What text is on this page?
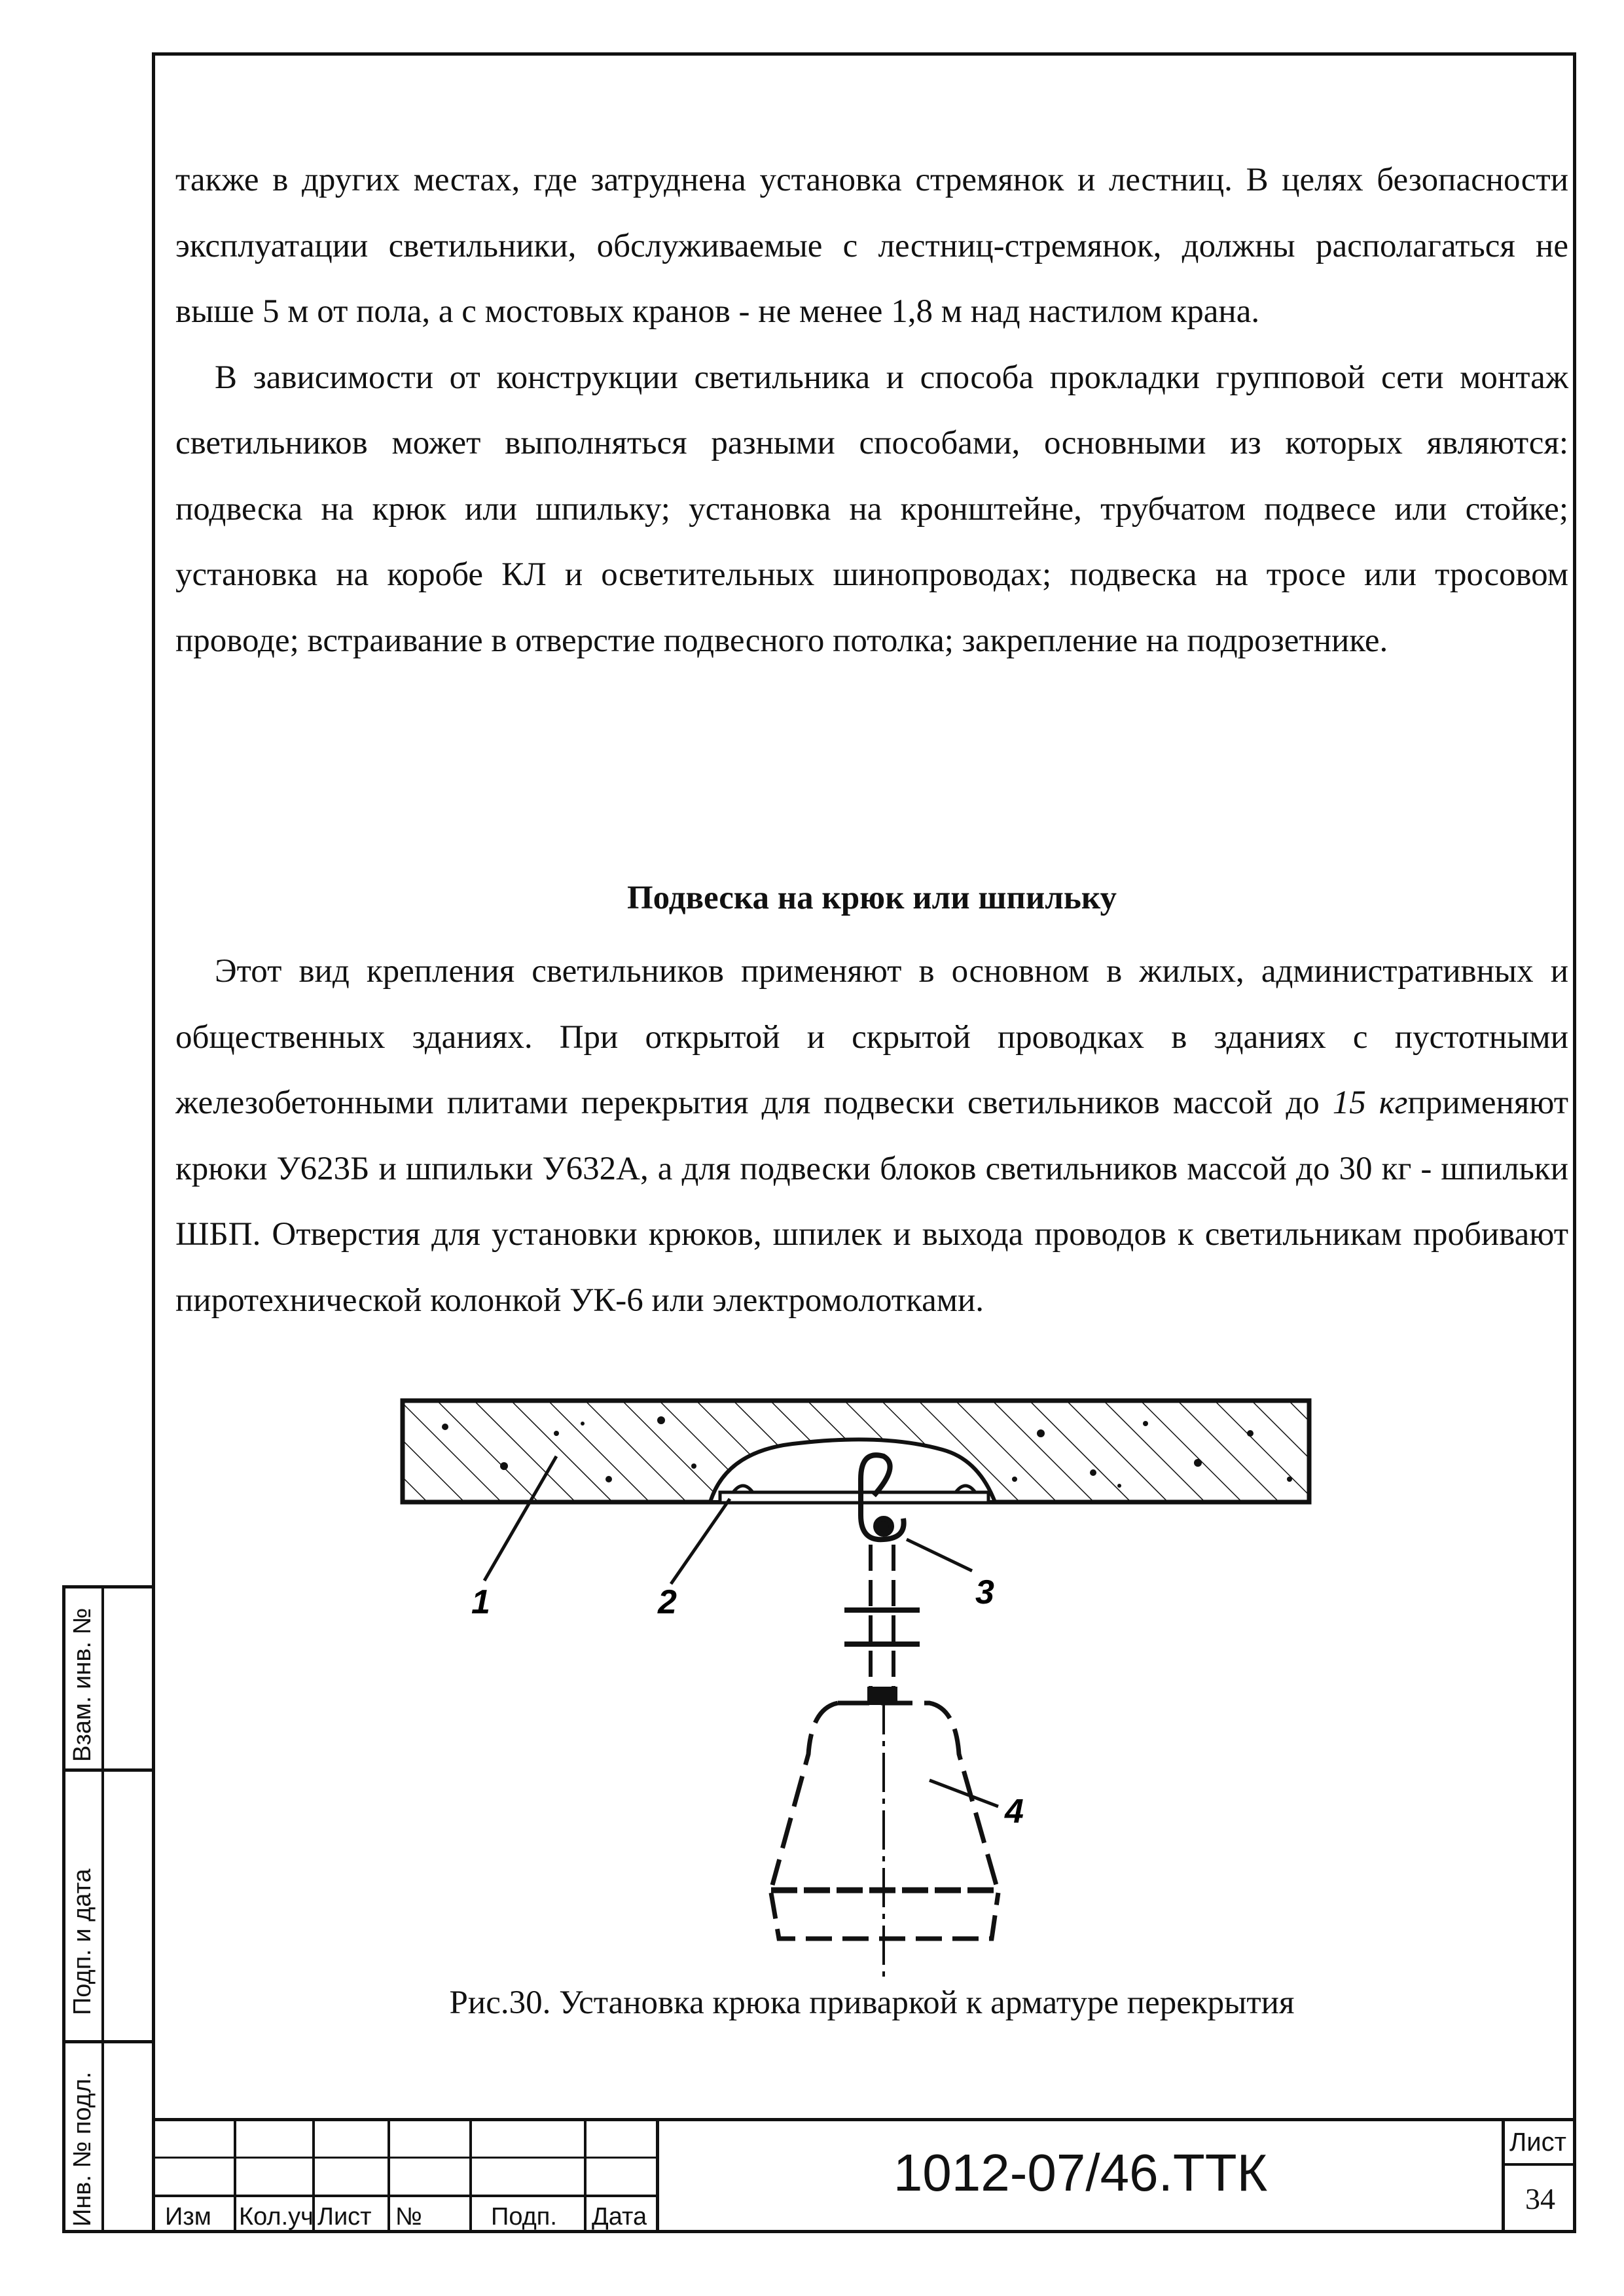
Взам. инв. №
Подп. и дата
Инв. № подл.

также в других местах, где затруднена установка стремянок и лестниц. В целях безопасности эксплуатации светильники, обслуживаемые с лестниц-стремянок, должны располагаться не выше 5 м от пола, а с мостовых кранов - не менее 1,8 м над настилом крана.

В зависимости от конструкции светильника и способа прокладки групповой сети монтаж светильников может выполняться разными способами, основными из которых являются: подвеска на крюк или шпильку; установка на кронштейне, трубчатом подвесе или стойке; установка на коробе КЛ и осветительных шинопроводах; подвеска на тросе или тросовом проводе; встраивание в отверстие подвесного потолка; закрепление на подрозетнике.

Подвеска на крюк или шпильку

Этот вид крепления светильников применяют в основном в жилых, административных и общественных зданиях. При открытой и скрытой проводках в зданиях с пустотными железобетонными плитами перекрытия для подвески светильников массой до 15 кгприменяют крюки У623Б и шпильки У632А, а для подвески блоков светильников массой до 30 кг - шпильки ШБП. Отверстия для установки крюков, шпилек и выхода проводов к светильникам пробивают пиротехнической колонкой УК-6 или электромолотками.

1	2	3
4

Рис.30. Установка крюка приваркой к арматуре перекрытия

Изм Кол.уч Лист №	Подп. Дата
1012-07/46.ТТК
Лист
34
